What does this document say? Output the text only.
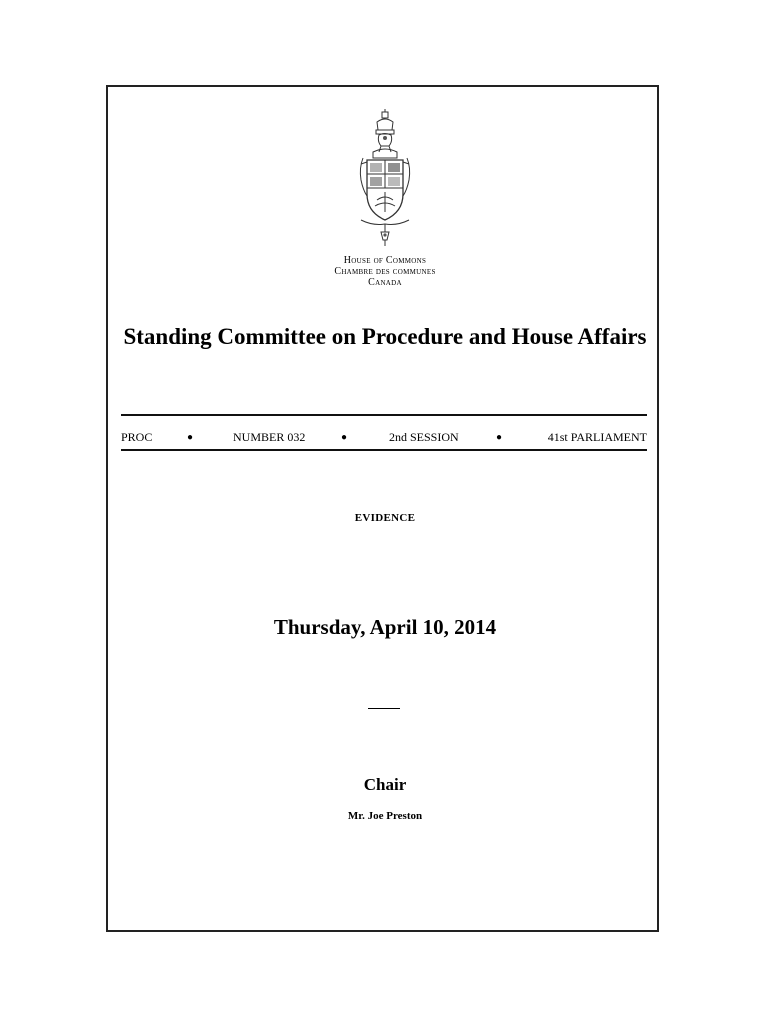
House of Commons
Chambre des communes
Canada
Standing Committee on Procedure and House Affairs
PROC	●	NUMBER 032	●	2nd SESSION	●	41st PARLIAMENT
EVIDENCE
Thursday, April 10, 2014
Chair
Mr. Joe Preston
